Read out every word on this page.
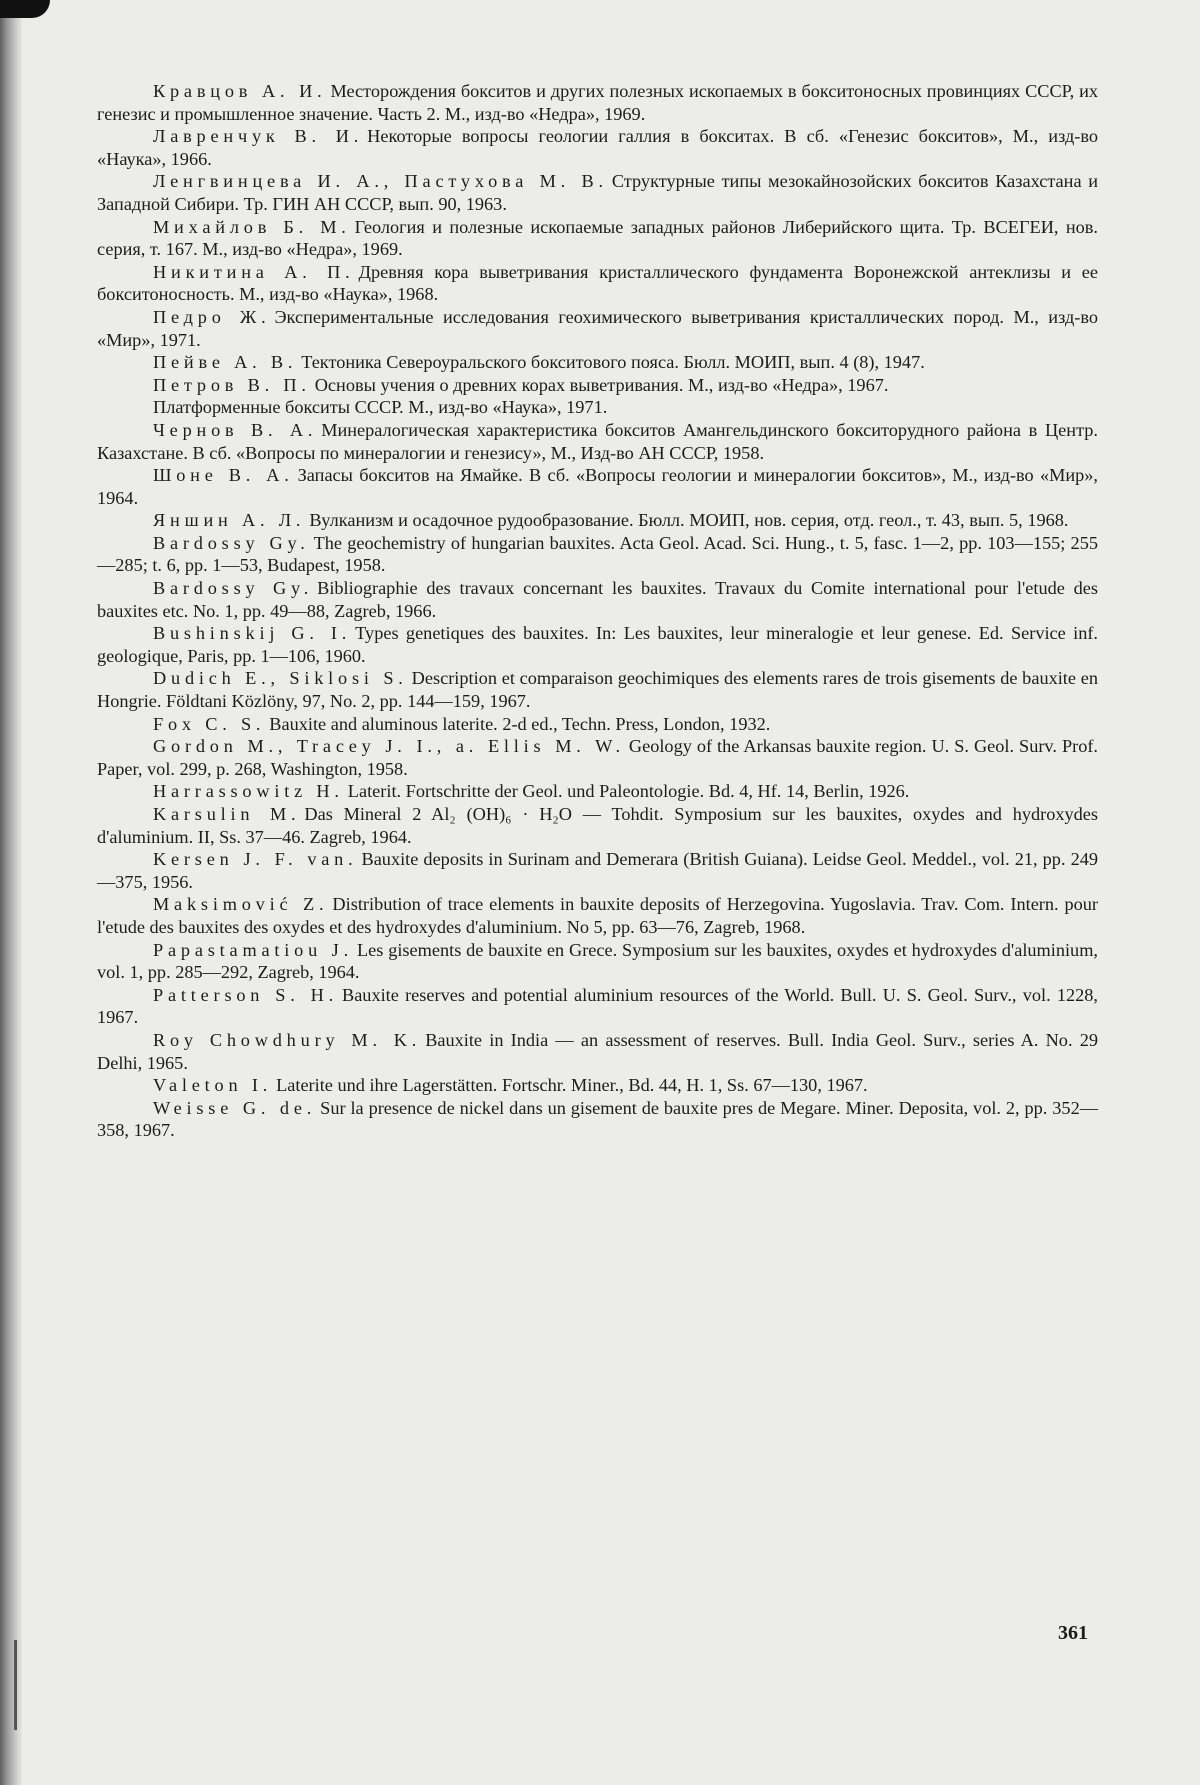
Кравцов А. И. Месторождения бокситов и других полезных ископаемых в бокситоносных провинциях СССР, их генезис и промышленное значение. Часть 2. М., изд-во «Недра», 1969.

Лавренчук В. И. Некоторые вопросы геологии галлия в бокситах. В сб. «Генезис бокситов», М., изд-во «Наука», 1966.

Ленгвинцева И. А., Пастухова М. В. Структурные типы мезокайнозойских бокситов Казахстана и Западной Сибири. Тр. ГИН АН СССР, вып. 90, 1963.

Михайлов Б. М. Геология и полезные ископаемые западных районов Либерийского щита. Тр. ВСЕГЕИ, нов. серия, т. 167. М., изд-во «Недра», 1969.

Никитина А. П. Древняя кора выветривания кристаллического фундамента Воронежской антеклизы и ее бокситоносность. М., изд-во «Наука», 1968.

Педро Ж. Экспериментальные исследования геохимического выветривания кристаллических пород. М., изд-во «Мир», 1971.

Пейве А. В. Тектоника Североуральского бокситового пояса. Бюлл. МОИП, вып. 4 (8), 1947.

Петров В. П. Основы учения о древних корах выветривания. М., изд-во «Недра», 1967.

Платформенные бокситы СССР. М., изд-во «Наука», 1971.

Чернов В. А. Минералогическая характеристика бокситов Амангельдинского бокситорудного района в Центр. Казахстане. В сб. «Вопросы по минералогии и генезису», М., Изд-во АН СССР, 1958.

Шоне В. А. Запасы бокситов на Ямайке. В сб. «Вопросы геологии и минералогии бокситов», М., изд-во «Мир», 1964.

Яншин А. Л. Вулканизм и осадочное рудообразование. Бюлл. МОИП, нов. серия, отд. геол., т. 43, вып. 5, 1968.

Bardossy Gy. The geochemistry of hungarian bauxites. Acta Geol. Acad. Sci. Hung., t. 5, fasc. 1—2, pp. 103—155; 255—285; t. 6, pp. 1—53, Budapest, 1958.

Bardossy Gy. Bibliographie des travaux concernant les bauxites. Travaux du Comite international pour l'etude des bauxites etc. No. 1, pp. 49—88, Zagreb, 1966.

Bushinskij G. I. Types genetiques des bauxites. In: Les bauxites, leur mineralogie et leur genese. Ed. Service inf. geologique, Paris, pp. 1—106, 1960.

Dudich E., Siklosi S. Description et comparaison geochimiques des elements rares de trois gisements de bauxite en Hongrie. Földtani Közlöny, 97, No. 2, pp. 144—159, 1967.

Fox C. S. Bauxite and aluminous laterite. 2-d ed., Techn. Press, London, 1932.

Gordon M., Tracey J. I., a. Ellis M. W. Geology of the Arkansas bauxite region. U. S. Geol. Surv. Prof. Paper, vol. 299, p. 268, Washington, 1958.

Harrassowitz H. Laterit. Fortschritte der Geol. und Paleontologie. Bd. 4, Hf. 14, Berlin, 1926.

Karsulin M. Das Mineral 2 Al₂ (OH)₆ · H₂O — Tohdit. Symposium sur les bauxites, oxydes and hydroxydes d'aluminium. II, Ss. 37—46. Zagreb, 1964.

Kersen J. F. van. Bauxite deposits in Surinam and Demerara (British Guiana). Leidse Geol. Meddel., vol. 21, pp. 249—375, 1956.

Maksimović Z. Distribution of trace elements in bauxite deposits of Herzegovina. Yugoslavia. Trav. Com. Intern. pour l'etude des bauxites des oxydes et des hydroxydes d'aluminium. No 5, pp. 63—76, Zagreb, 1968.

Papastamatiou J. Les gisements de bauxite en Grece. Symposium sur les bauxites, oxydes et hydroxydes d'aluminium, vol. 1, pp. 285—292, Zagreb, 1964.

Patterson S. H. Bauxite reserves and potential aluminium resources of the World. Bull. U. S. Geol. Surv., vol. 1228, 1967.

Roy Chowdhury M. K. Bauxite in India — an assessment of reserves. Bull. India Geol. Surv., series A. No. 29 Delhi, 1965.

Valeton I. Laterite und ihre Lagerstätten. Fortschr. Miner., Bd. 44, H. 1, Ss. 67—130, 1967.

Weisse G. de. Sur la presence de nickel dans un gisement de bauxite pres de Megare. Miner. Deposita, vol. 2, pp. 352—358, 1967.

361
